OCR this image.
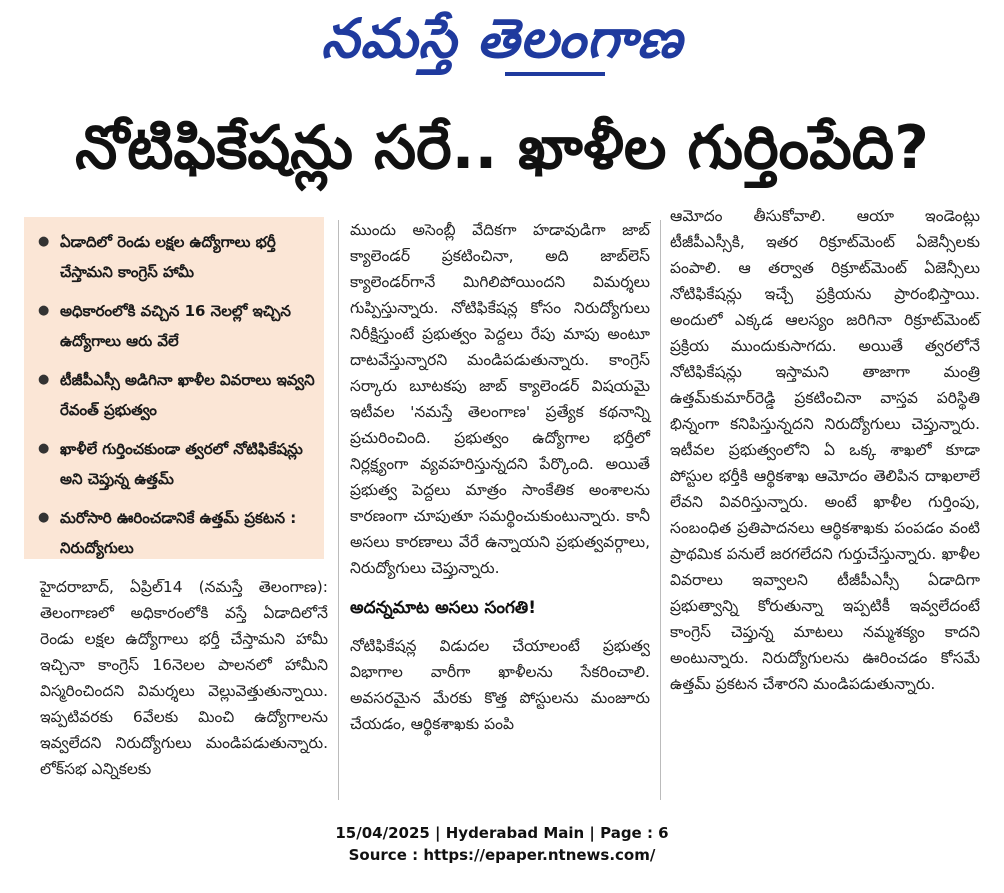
నమస్తే తెలంగాణ
నోటిఫికేషన్లు సరే.. ఖాళీల గుర్తింపేది?
● ఏడాదిలో రెండు లక్షల ఉద్యోగాలు భర్తీ చేస్తామని కాంగ్రెస్ హామీ
● అధికారంలోకి వచ్చిన 16 నెలల్లో ఇచ్చిన ఉద్యోగాలు ఆరు వేలే
● టీజీపీఎస్సీ అడిగినా ఖాళీల వివరాలు ఇవ్వని రేవంత్ ప్రభుత్వం
● ఖాళీలే గుర్తించకుండా త్వరలో నోటిఫికేషన్లు అని చెప్తున్న ఉత్తమ్
● మరోసారి ఊరించడానికే ఉత్తమ్ ప్రకటన : నిరుద్యోగులు
హైదరాబాద్, ఏప్రిల్14 (నమస్తే తెలంగాణ): తెలంగాణలో అధికారంలోకి వస్తే ఏడాదిలోనే రెండు లక్షల ఉద్యోగాలు భర్తీ చేస్తామని హామీ ఇచ్చినా కాంగ్రెస్ 16నెలల పాలనలో హామీని విస్మరించిందని విమర్శలు వెల్లువెత్తుతున్నాయి. ఇప్పటివరకు 6వేలకు మించి ఉద్యోగాలను ఇవ్వలేదని నిరుద్యోగులు మండిపడుతున్నారు. లోక్‌సభ ఎన్నికలకు
ముందు అసెంబ్లీ వేదికగా హడావుడిగా జాబ్ క్యాలెండర్ ప్రకటించినా, అది జాబ్‌లెస్ క్యాలెండర్‌గానే మిగిలిపోయిందని విమర్శలు గుప్పిస్తున్నారు. నోటిఫికేషన్ల కోసం నిరుద్యోగులు నిరీక్షిస్తుంటే ప్రభుత్వం పెద్దలు రేపు మాపు అంటూ దాటవేస్తున్నారని మండిపడుతున్నారు. కాంగ్రెస్ సర్కారు బూటకపు జాబ్ క్యాలెండర్ విషయమై ఇటీవల 'నమస్తే తెలంగాణ' ప్రత్యేక కథనాన్ని ప్రచురించింది. ప్రభుత్వం ఉద్యోగాల భర్తీలో నిర్లక్ష్యంగా వ్యవహరిస్తున్నదని పేర్కొంది. అయితే ప్రభుత్వ పెద్దలు మాత్రం సాంకేతిక అంశాలను కారణంగా చూపుతూ సమర్థించుకుంటున్నారు. కానీ అసలు కారణాలు వేరే ఉన్నాయని ప్రభుత్వవర్గాలు, నిరుద్యోగులు చెప్తున్నారు.
అదన్నమాట అసలు సంగతి!
నోటిఫికేషన్ల విడుదల చేయాలంటే ప్రభుత్వ విభాగాల వారీగా ఖాళీలను సేకరించాలి. అవసరమైన మేరకు కొత్త పోస్టులను మంజూరు చేయడం, ఆర్థికశాఖకు పంపి
ఆమోదం తీసుకోవాలి. ఆయా ఇండెంట్లు టీజీపీఎస్సీకి, ఇతర రిక్రూట్‌మెంట్ ఏజెన్సీలకు పంపాలి. ఆ తర్వాత రిక్రూట్‌మెంట్ ఏజెన్సీలు నోటిఫికేషన్లు ఇచ్చే ప్రక్రియను ప్రారంభిస్తాయి. అందులో ఎక్కడ ఆలస్యం జరిగినా రిక్రూట్‌మెంట్ ప్రక్రియ ముందుకుసాగదు. అయితే త్వరలోనే నోటిఫికేషన్లు ఇస్తామని తాజాగా మంత్రి ఉత్తమ్‌కుమార్‌రెడ్డి ప్రకటించినా వాస్తవ పరిస్థితి భిన్నంగా కనిపిస్తున్నదని నిరుద్యోగులు చెప్తున్నారు. ఇటీవల ప్రభుత్వంలోని ఏ ఒక్క శాఖలో కూడా పోస్టుల భర్తీకి ఆర్థికశాఖ ఆమోదం తెలిపిన దాఖలాలే లేవని వివరిస్తున్నారు. అంటే ఖాళీల గుర్తింపు, సంబంధిత ప్రతిపాదనలు ఆర్థికశాఖకు పంపడం వంటి ప్రాథమిక పనులే జరగలేదని గుర్తుచేస్తున్నారు. ఖాళీల వివరాలు ఇవ్వాలని టీజీపీఎస్సీ ఏడాదిగా ప్రభుత్వాన్ని కోరుతున్నా ఇప్పటికీ ఇవ్వలేదంటే కాంగ్రెస్ చెప్తున్న మాటలు నమ్మశక్యం కాదని అంటున్నారు. నిరుద్యోగులను ఊరించడం కోసమే ఉత్తమ్ ప్రకటన చేశారని మండిపడుతున్నారు.
15/04/2025 | Hyderabad Main | Page : 6
Source : https://epaper.ntnews.com/
